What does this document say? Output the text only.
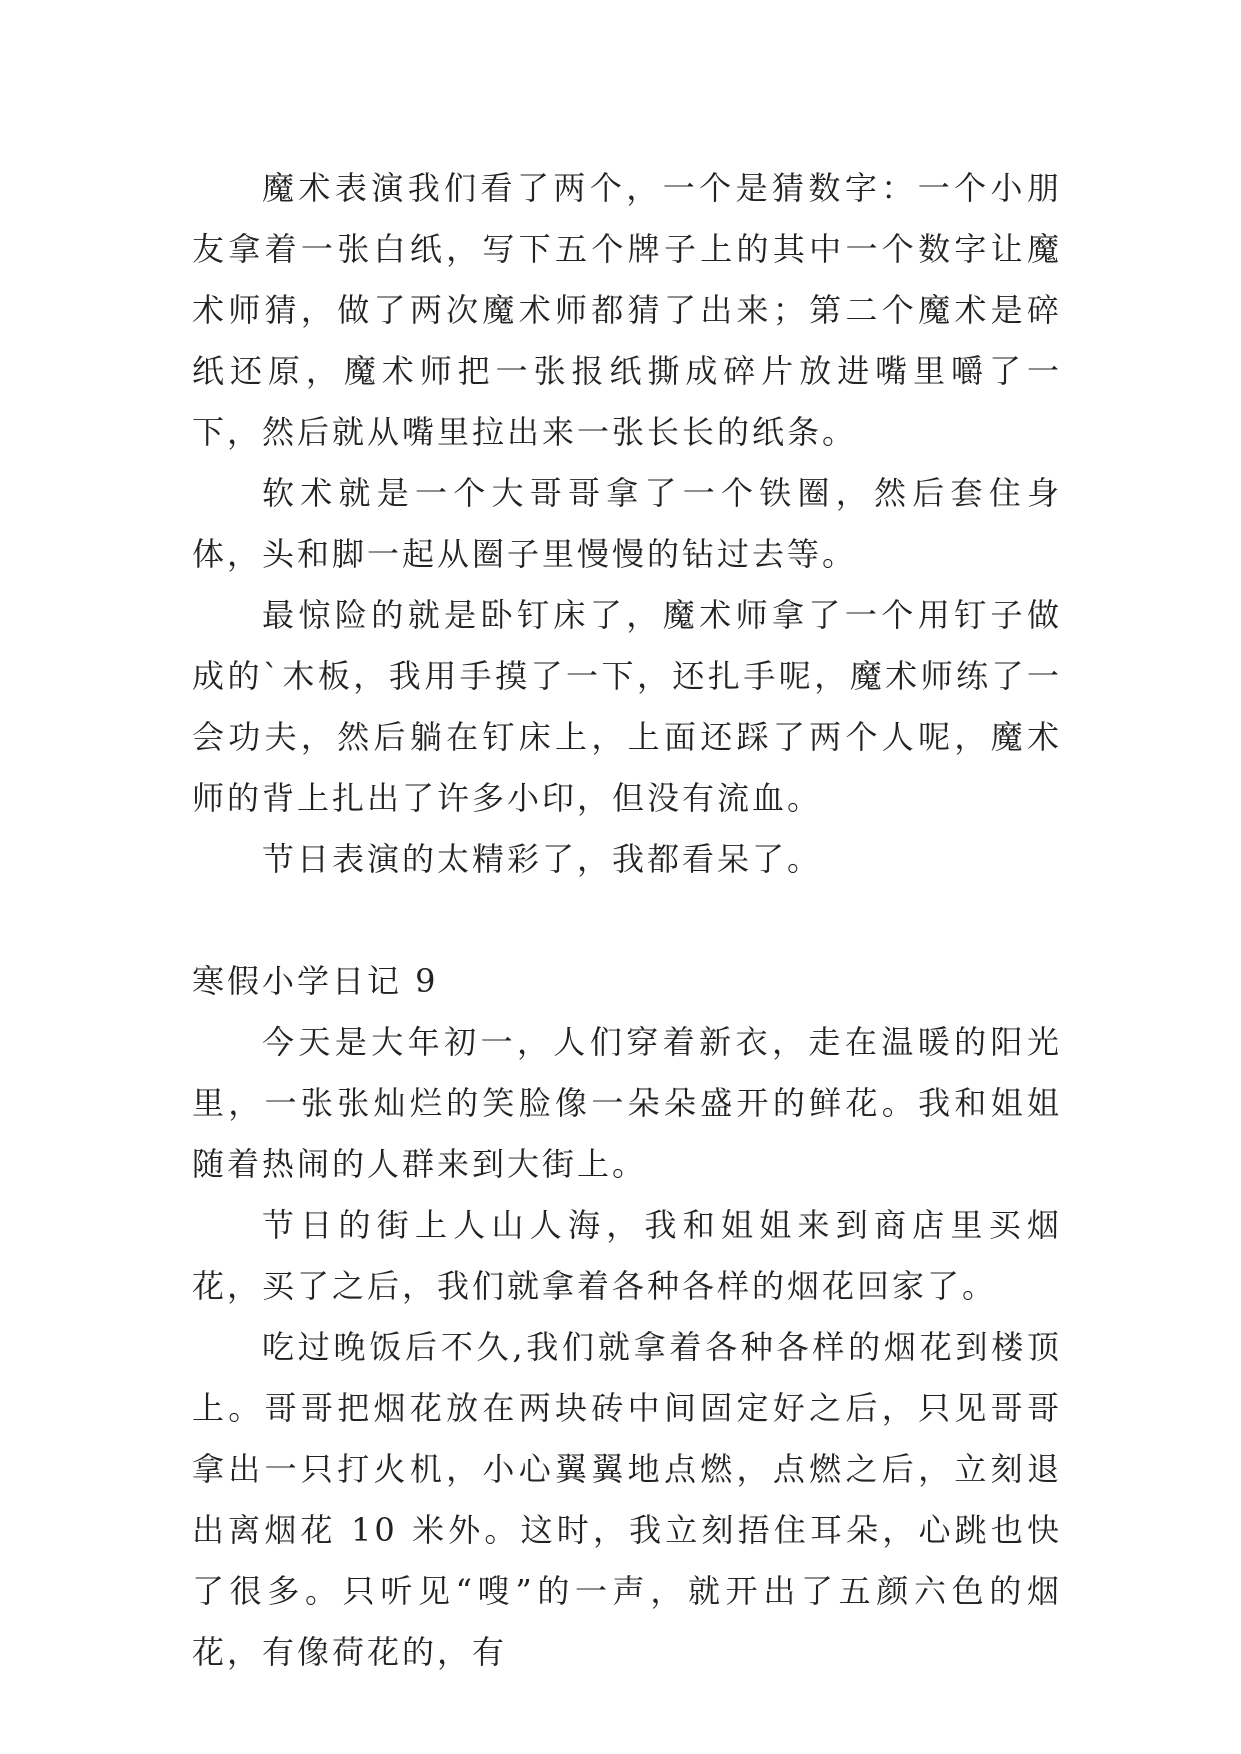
魔术表演我们看了两个，一个是猜数字：一个小朋友拿着一张白纸，写下五个牌子上的其中一个数字让魔术师猜，做了两次魔术师都猜了出来；第二个魔术是碎纸还原，魔术师把一张报纸撕成碎片放进嘴里嚼了一下，然后就从嘴里拉出来一张长长的纸条。

软术就是一个大哥哥拿了一个铁圈，然后套住身体，头和脚一起从圈子里慢慢的钻过去等。

最惊险的就是卧钉床了，魔术师拿了一个用钉子做成的`木板，我用手摸了一下，还扎手呢，魔术师练了一会功夫，然后躺在钉床上，上面还踩了两个人呢，魔术师的背上扎出了许多小印，但没有流血。

节日表演的太精彩了，我都看呆了。

寒假小学日记 9

今天是大年初一，人们穿着新衣，走在温暖的阳光里，一张张灿烂的笑脸像一朵朵盛开的鲜花。我和姐姐随着热闹的人群来到大街上。

节日的街上人山人海，我和姐姐来到商店里买烟花，买了之后，我们就拿着各种各样的烟花回家了。

吃过晚饭后不久,我们就拿着各种各样的烟花到楼顶上。哥哥把烟花放在两块砖中间固定好之后，只见哥哥拿出一只打火机，小心翼翼地点燃，点燃之后，立刻退出离烟花 10 米外。这时，我立刻捂住耳朵，心跳也快了很多。只听见“嗖”的一声，就开出了五颜六色的烟花，有像荷花的，有
